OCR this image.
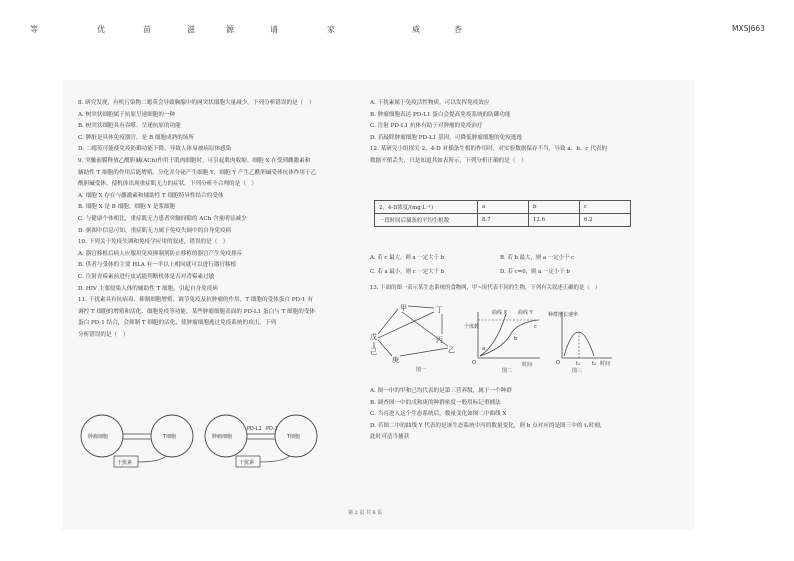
等	优	苗	滋	源	请	家	威	杏	MXSJ663

8. 研究发现，有机污染物二噁英会导致胸腺中的网突状细胞大量减少。下列分析错误的是（　）

A. 树突状细胞属于抗原呈递细胞的一种

B. 树突状细胞具有吞噬、呈递抗原的功能

C. 脾脏是具体免疫器官，是 B 细胞成熟的场所

D. 二噁英可能使免疫防御功能下降，导致人体易被病原体感染

9. 突触前膜释放乙酰胆碱(ACh)作用于肌肉细胞时，可引起肌肉收缩。细胞 X 在受到雌激素和

辅助性 T 细胞的作用后能增殖、分化并分泌产生细胞 Y，细胞 Y 产生乙酰胆碱受体抗体作用于乙

酰胆碱受体，使机体出现重症肌无力的症状。下列分析不合理的是（　）

A. 细胞 X 存在与雌激素和辅助性 T 细胞特异性结合的受体

B. 细胞 X 是 B 细胞，细胞 Y 是浆细胞

C. 与健康个体相比，重症肌无力患者突触间隙的 ACh 含量明显减少

D. 据图中信息可知，重症肌无力属于免疫失调中的自身免疫病

10. 下列关于免疫失调和免疫学应用的叙述，错误的是（　）

A. 器官移植后病人应服用免疫抑制剂防止移植的器官产生免疫排斥

B. 供者与受体的主要 HLA 有一半以上相同就可以进行器官移植

C. 注射青霉素前进行皮试能判断机体是否对青霉素过敏

D. HIV 主要侵染人体的辅助性 T 细胞，引起自身免疫病

11. 干扰素具有抗病毒、抑制细胞增殖、调节免疫及抗肿瘤的作用。T 细胞的受体蛋白 PD-1 有

调控 T 细胞的增殖和活化、细胞免疫等功能，某些肿瘤细胞表面的 PD-L1 蛋白与 T 细胞的受体

蛋白 PD-1 结合，会抑制 T 细胞的活化，使肿瘤细胞逃过免疫系统的攻击。下列

分析错误的是（　）

肿瘤细胞	T细胞
干扰素
肿瘤细胞	T细胞
PD-L1 PD-1
干扰素

A. 干扰素属于免疫活性物质，可以发挥免疫效应

B. 肿瘤细胞表达 PD-L1 蛋白会提高免疫系统的防御功能

C. 注射 PD-L1 抗体有助于对肿瘤的免疫治疗

D. 若敲除肿瘤细胞 PD-L1 基因，可降低肿瘤细胞的免疫逃逸

12. 某研究小组探究 2，4-D 对插条生根的作用时，对实验数据保存不当，导致 a、b、c 代表的

数据不慎丢失，只是知道其如表所示，下列分析正确的是（　）

2，4-D浓度/(mg·L⁻¹)	a	b	c
一段时间后插条的平均生根数	8.7	12.6	6.2
A. 若 c 最大，则 a 一定大于 b	B. 若 b 最大，则 a 一定小于 c
C. 若 a 最小，则 c 一定大于 b	D. 若 c=0，则 a 一定小于 b
13. 下面的图一表示某生态系统的食物网，甲~庚代表不同的生物，下列有关叙述正确的是（　）
戊
甲	丁
庚
丙
乙
己
图一
曲线 X 曲线 Y
个体数
O
a
b
c
时间
图二
种群增长速率
O	t₁ t₂ 时间
图三

A. 图一中的甲和己均代表的是第三营养级，属于一个种群

B. 调查图一中的戊和庚的种群密度一般用标记重捕法

C. 当丙进入这个生态系统后，数量变化如图二中曲线 X

D. 若图二中的曲线 Y 代表的是该生态系统中丙的数量变化，则 b 点对应的是图三中的 t₁时刻，

此时可适当捕获

第 2 页 共 6 页
